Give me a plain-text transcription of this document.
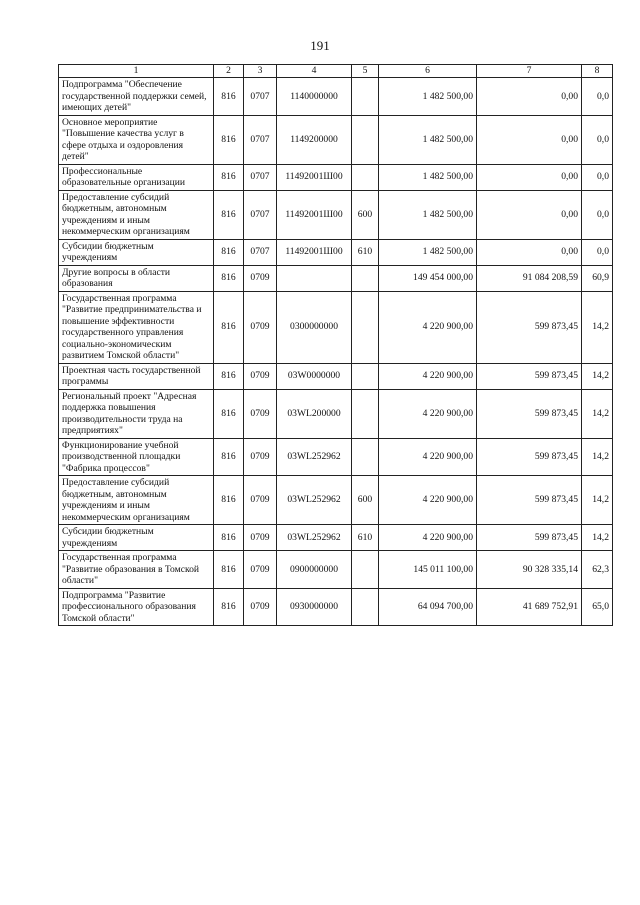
191
1	2	3	4	5	6	7	8
Подпрограмма "Обеспечение государственной поддержки семей, имеющих детей"	816	0707	1140000000		1 482 500,00	0,00	0,0
Основное мероприятие "Повышение качества услуг в сфере отдыха и оздоровления детей"	816	0707	1149200000		1 482 500,00	0,00	0,0
Профессиональные образовательные организации	816	0707	11492001Ш00		1 482 500,00	0,00	0,0
Предоставление субсидий бюджетным, автономным учреждениям и иным некоммерческим организациям	816	0707	11492001Ш00	600	1 482 500,00	0,00	0,0
Субсидии бюджетным учреждениям	816	0707	11492001Ш00	610	1 482 500,00	0,00	0,0
Другие вопросы в области образования	816	0709			149 454 000,00	91 084 208,59	60,9
Государственная программа "Развитие предпринимательства и повышение эффективности государственного управления социально-экономическим развитием Томской области"	816	0709	0300000000		4 220 900,00	599 873,45	14,2
Проектная часть государственной программы	816	0709	03W0000000		4 220 900,00	599 873,45	14,2
Региональный проект "Адресная поддержка повышения производительности труда на предприятиях"	816	0709	03WL200000		4 220 900,00	599 873,45	14,2
Функционирование учебной производственной площадки "Фабрика процессов"	816	0709	03WL252962		4 220 900,00	599 873,45	14,2
Предоставление субсидий бюджетным, автономным учреждениям и иным некоммерческим организациям	816	0709	03WL252962	600	4 220 900,00	599 873,45	14,2
Субсидии бюджетным учреждениям	816	0709	03WL252962	610	4 220 900,00	599 873,45	14,2
Государственная программа "Развитие образования в Томской области"	816	0709	0900000000		145 011 100,00	90 328 335,14	62,3
Подпрограмма "Развитие профессионального образования Томской области"	816	0709	0930000000		64 094 700,00	41 689 752,91	65,0
